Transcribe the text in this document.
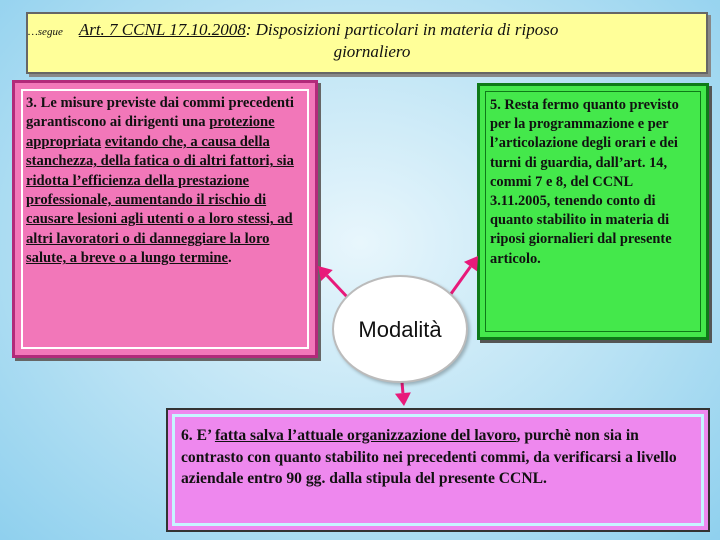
…segue Art. 7 CCNL 17.10.2008: Disposizioni particolari in materia di riposo
giornaliero
3. Le misure previste dai commi precedenti garantiscono ai dirigenti una protezione appropriata evitando che, a causa della stanchezza, della fatica o di altri fattori, sia ridotta l’efficienza della prestazione professionale, aumentando il rischio di causare lesioni agli utenti o a loro stessi, ad altri lavoratori o di danneggiare la loro salute, a breve o a lungo termine.
5. Resta fermo quanto previsto per la programmazione e per l’articolazione degli orari e dei turni di guardia, dall’art. 14, commi 7 e 8, del CCNL 3.11.2005, tenendo conto di quanto stabilito in materia di riposi giornalieri dal presente articolo.
Modalità
6. E’ fatta salva l’attuale organizzazione del lavoro, purchè non sia in contrasto con quanto stabilito nei precedenti commi, da verificarsi a livello aziendale entro 90 gg. dalla stipula del presente CCNL.
